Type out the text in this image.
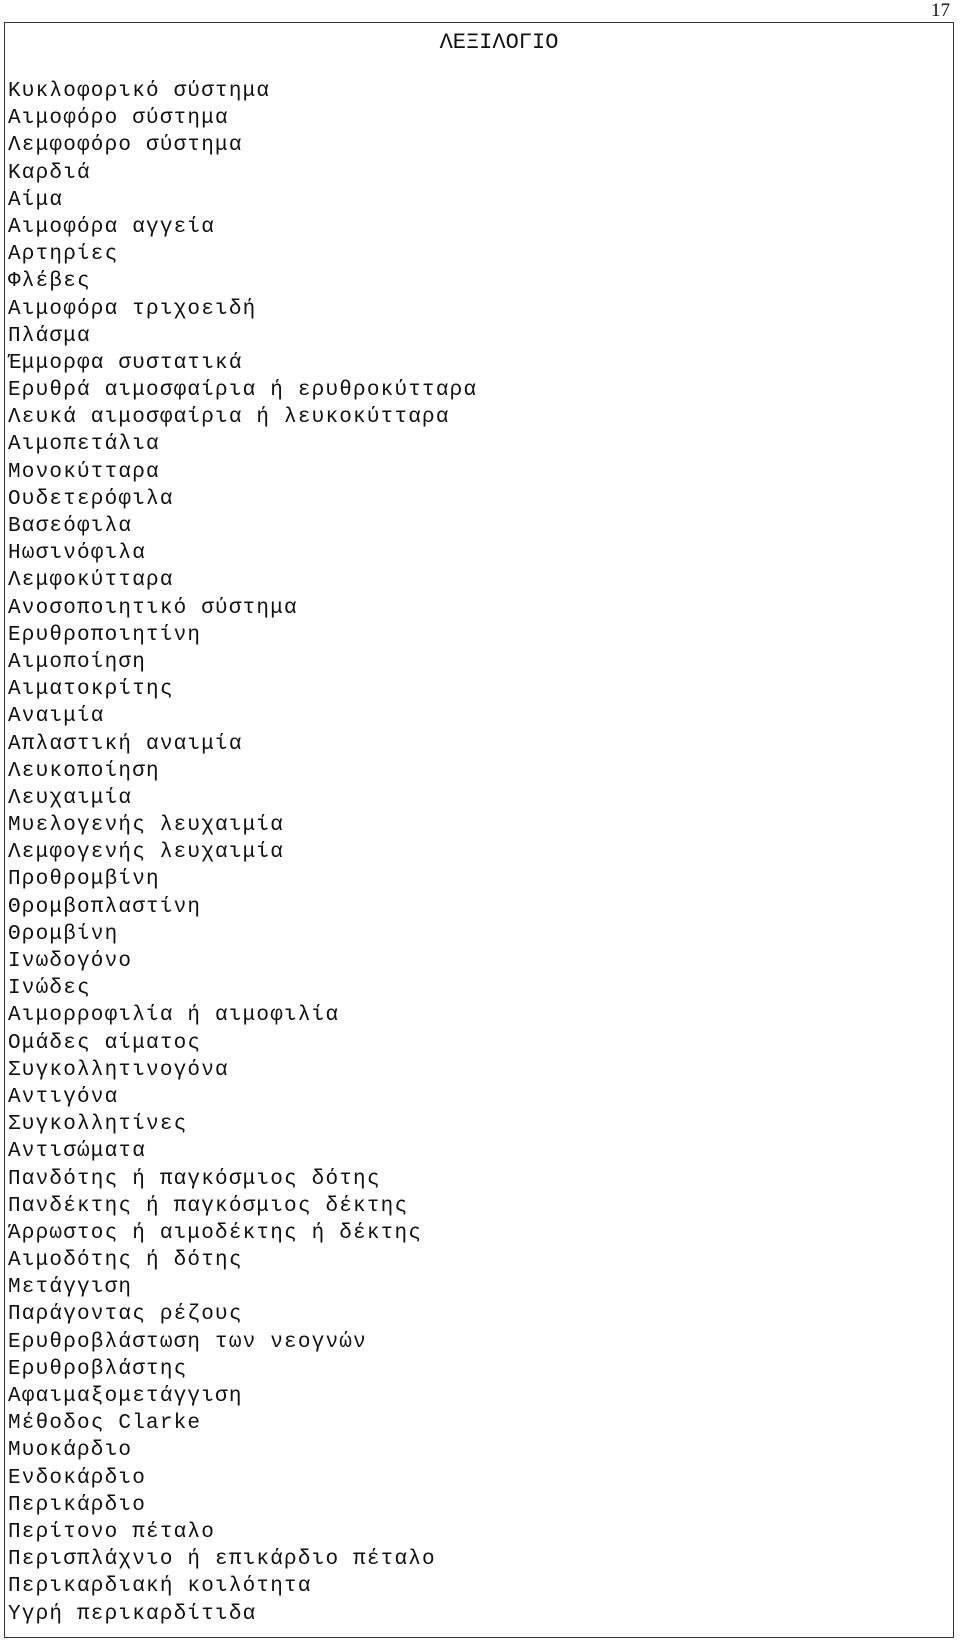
17
ΛΕΞΙΛΟΓΙΟ
Κυκλοφορικό σύστημα
Αιμοφόρο σύστημα
Λεμφοφόρο σύστημα
Καρδιά
Αίμα
Αιμοφόρα αγγεία
Αρτηρίες
Φλέβες
Αιμοφόρα τριχοειδή
Πλάσμα
Έμμορφα συστατικά
Ερυθρά αιμοσφαίρια ή ερυθροκύτταρα
Λευκά αιμοσφαίρια ή λευκοκύτταρα
Αιμοπετάλια
Μονοκύτταρα
Ουδετερόφιλα
Βασεόφιλα
Ηωσινόφιλα
Λεμφοκύτταρα
Ανοσοποιητικό σύστημα
Ερυθροποιητίνη
Αιμοποίηση
Αιματοκρίτης
Αναιμία
Απλαστική αναιμία
Λευκοποίηση
Λευχαιμία
Μυελογενής λευχαιμία
Λεμφογενής λευχαιμία
Προθρομβίνη
Θρομβοπλαστίνη
Θρομβίνη
Ινωδογόνο
Ινώδες
Αιμορροφιλία ή αιμοφιλία
Ομάδες αίματος
Συγκολλητινογόνα
Αντιγόνα
Συγκολλητίνες
Αντισώματα
Πανδότης ή παγκόσμιος δότης
Πανδέκτης ή παγκόσμιος δέκτης
Άρρωστος ή αιμοδέκτης ή δέκτης
Αιμοδότης ή δότης
Μετάγγιση
Παράγοντας ρέζους
Ερυθροβλάστωση των νεογνών
Ερυθροβλάστης
Αφαιμαξομετάγγιση
Μέθοδος Clarke
Μυοκάρδιο
Ενδοκάρδιο
Περικάρδιο
Περίτονο πέταλο
Περισπλάχνιο ή επικάρδιο πέταλο
Περικαρδιακή κοιλότητα
Υγρή περικαρδίτιδα
